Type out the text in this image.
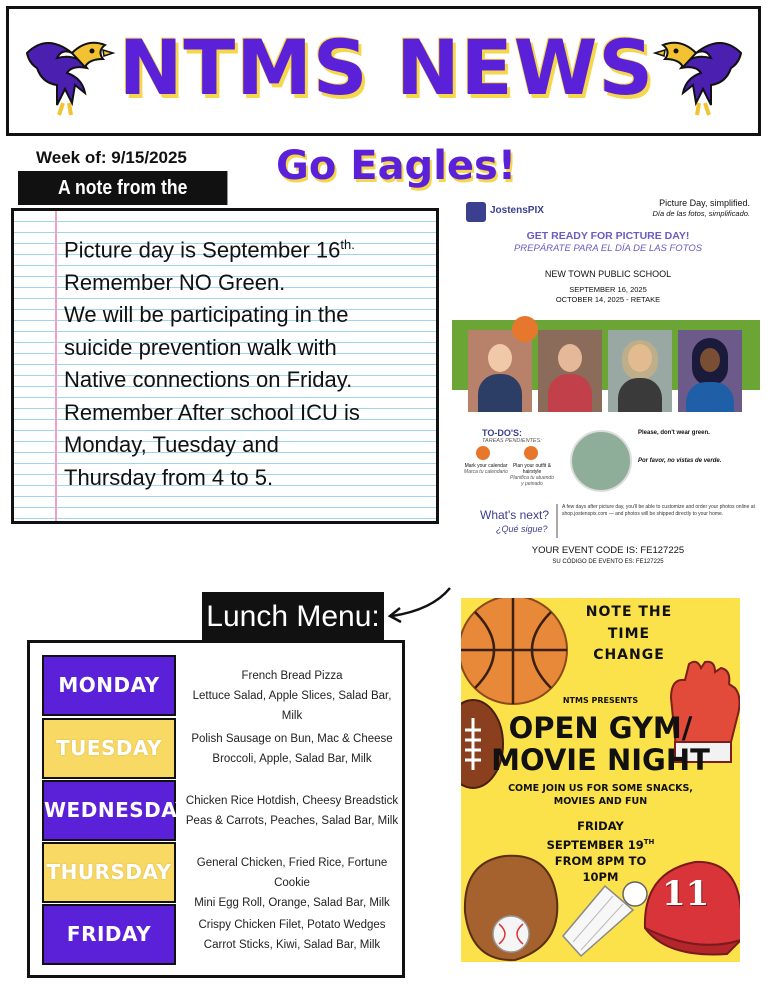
NTMS NEWS
Week of: 9/15/2025
A note from the	Go Eagles!
Picture day is September $16^{th.}$
Remember NO Green.
We will be participating in the
suicide prevention walk with
Native connections on Friday.
Remember After school ICU is
Monday, Tuesday and
Thursday from 4 to 5.
JostensPIX
Picture Day, simplified.
Día de las fotos, simplificado.
GET READY FOR PICTURE DAY!
PREPÁRATE PARA EL DÍA DE LAS FOTOS
NEW TOWN PUBLIC SCHOOL
SEPTEMBER 16, 2025
OCTOBER 14, 2025 - RETAKE
TO-DO'S:
TAREAS PENDIENTES:
Mark your calendar
Marca tu calendario
Plan your outfit & hairstyle
Planifica tu atuendo y peinado
Please, don't wear green.
Por favor, no vistas de verde.
What's next?
¿Qué sigue?
A few days after picture day, you'll be able to customize and order your photos online at shop.jostenspix.com — and photos will be shipped directly to your home.
YOUR EVENT CODE IS: FE127225
SU CÓDIGO DE EVENTO ES: FE127225
Lunch Menu:
MONDAY	French Bread Pizza
Lettuce Salad, Apple Slices, Salad Bar, Milk
TUESDAY	Polish Sausage on Bun, Mac & Cheese
Broccoli, Apple, Salad Bar, Milk
WEDNESDAY
Chicken Rice Hotdish, Cheesy Breadstick
Peas & Carrots, Peaches, Salad Bar, Milk
THURSDAY	General Chicken, Fried Rice, Fortune Cookie
Mini Egg Roll, Orange, Salad Bar, Milk
FRIDAY	Crispy Chicken Filet, Potato Wedges
Carrot Sticks, Kiwi, Salad Bar, Milk
11
NOTE THE
TIME
CHANGE
NTMS PRESENTS
OPEN GYM/
MOVIE NIGHT
COME JOIN US FOR SOME SNACKS,
MOVIES AND FUN
FRIDAY
SEPTEMBER 19TH
FROM 8PM TO
10PM
